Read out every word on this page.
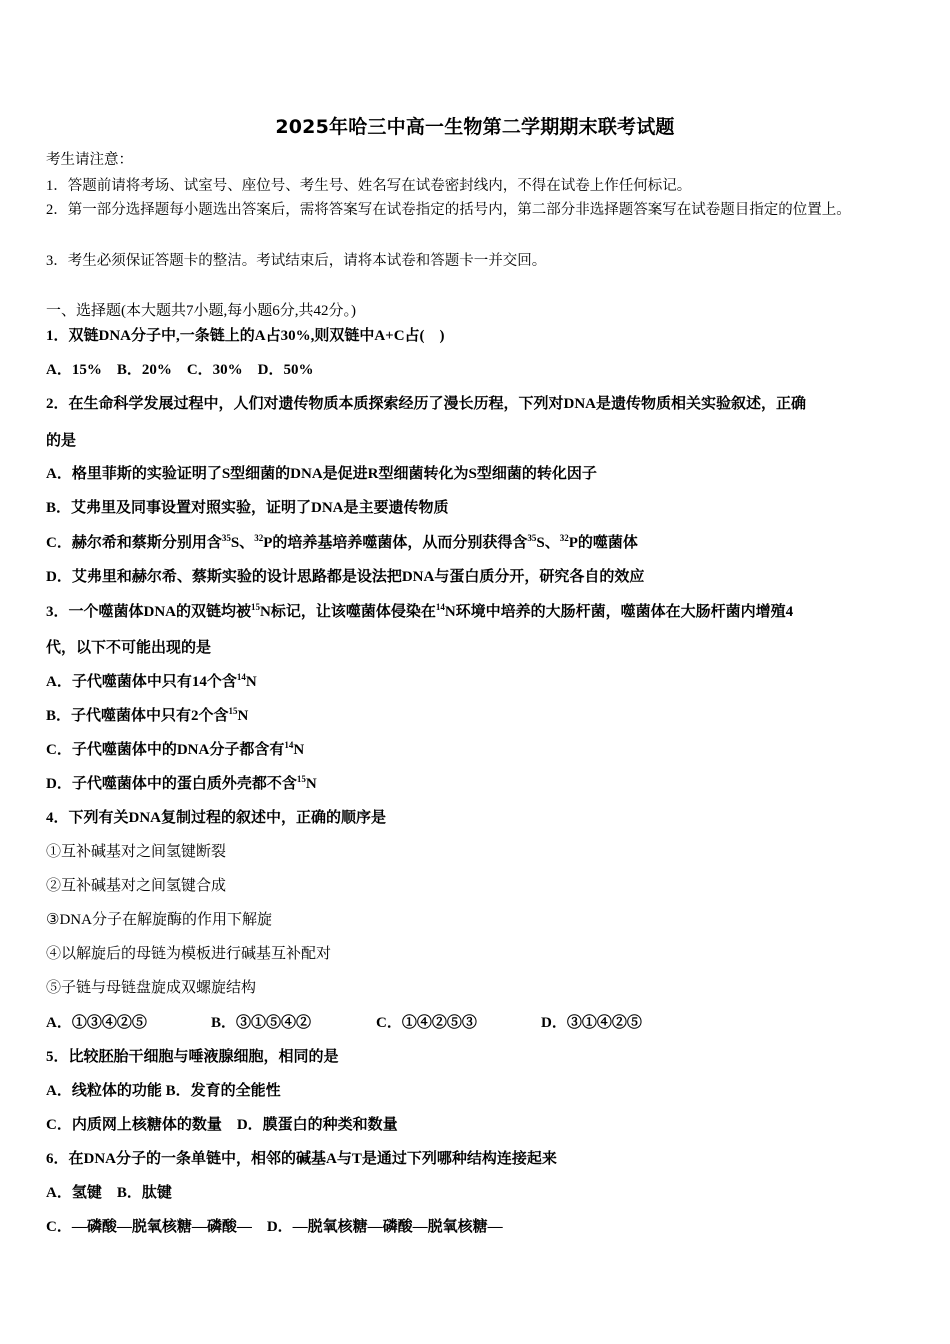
2025年哈三中高一生物第二学期期末联考试题
考生请注意：
1．答题前请将考场、试室号、座位号、考生号、姓名写在试卷密封线内，不得在试卷上作任何标记。
2．第一部分选择题每小题选出答案后，需将答案写在试卷指定的括号内，第二部分非选择题答案写在试卷题目指定的位置上。
3．考生必须保证答题卡的整洁。考试结束后，请将本试卷和答题卡一并交回。
一、选择题(本大题共7小题,每小题6分,共42分。)
1．双链DNA分子中,一条链上的A占30%,则双链中A+C占(　)
A．15%　B．20%　C．30%　D．50%
2．在生命科学发展过程中，人们对遗传物质本质探索经历了漫长历程，下列对DNA是遗传物质相关实验叙述，正确
的是
A．格里菲斯的实验证明了S型细菌的DNA是促进R型细菌转化为S型细菌的转化因子
B．艾弗里及同事设置对照实验，证明了DNA是主要遗传物质
C．赫尔希和蔡斯分别用含$^{35}$S、$^{32}$P的培养基培养噬菌体，从而分别获得含$^{35}$S、$^{32}$P的噬菌体
D．艾弗里和赫尔希、蔡斯实验的设计思路都是设法把DNA与蛋白质分开，研究各自的效应
3．一个噬菌体DNA的双链均被$^{15}$N标记，让该噬菌体侵染在$^{14}$N环境中培养的大肠杆菌，噬菌体在大肠杆菌内增殖4
代，以下不可能出现的是
A．子代噬菌体中只有14个含$^{14}$N
B．子代噬菌体中只有2个含$^{15}$N
C．子代噬菌体中的DNA分子都含有$^{14}$N
D．子代噬菌体中的蛋白质外壳都不含$^{15}$N
4．下列有关DNA复制过程的叙述中，正确的顺序是
①互补碱基对之间氢键断裂
②互补碱基对之间氢键合成
③DNA分子在解旋酶的作用下解旋
④以解旋后的母链为模板进行碱基互补配对
⑤子链与母链盘旋成双螺旋结构
A．①③④②⑤	B．③①⑤④②	C．①④②⑤③	D．③①④②⑤
5．比较胚胎干细胞与唾液腺细胞，相同的是
A．线粒体的功能 B．发育的全能性
C．内质网上核糖体的数量　D．膜蛋白的种类和数量
6．在DNA分子的一条单链中，相邻的碱基A与T是通过下列哪种结构连接起来
A．氢键　B．肽键
C．—磷酸—脱氧核糖—磷酸—　D．—脱氧核糖—磷酸—脱氧核糖—
